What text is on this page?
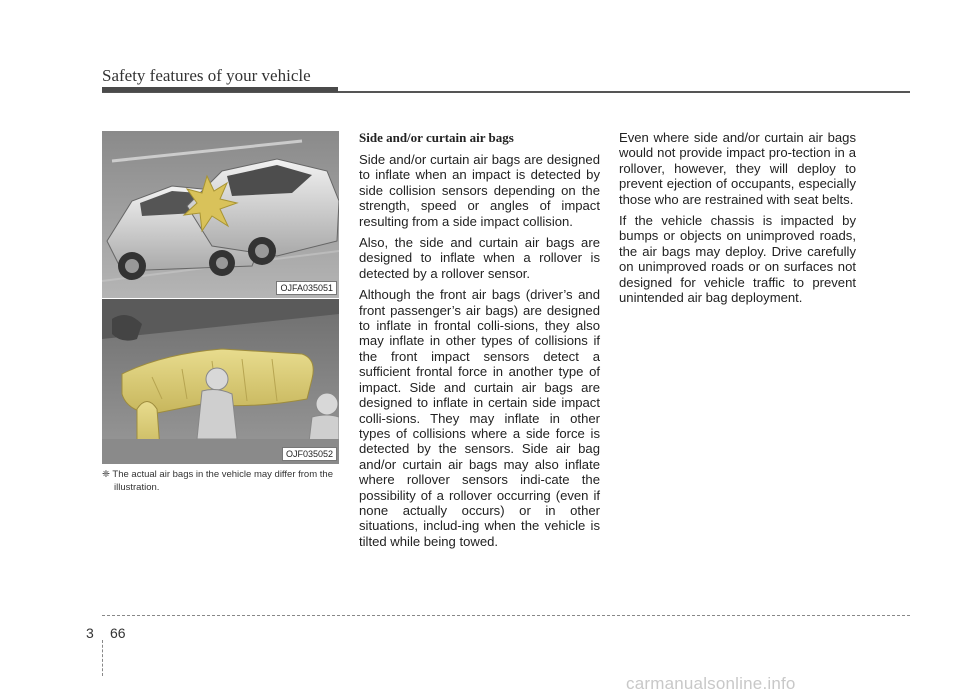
Safety features of your vehicle
OJFA035051
OJF035052
❈ The actual air bags in the vehicle may differ from the illustration.
Side and/or curtain air bags

Side and/or curtain air bags are designed to inflate when an impact is detected by side collision sensors depending on the strength, speed or angles of impact resulting from a side impact collision.

Also, the side and curtain air bags are designed to inflate when a rollover is detected by a rollover sensor.

Although the front air bags (driver’s and front passenger’s air bags) are designed to inflate in frontal colli-sions, they also may inflate in other types of collisions if the front impact sensors detect a sufficient frontal force in another type of impact. Side and curtain air bags are designed to inflate in certain side impact colli-sions. They may inflate in other types of collisions where a side force is detected by the sensors. Side air bag and/or curtain air bags may also inflate where rollover sensors indi-cate the possibility of a rollover occurring (even if none actually occurs) or in other situations, includ-ing when the vehicle is tilted while being towed.

Even where side and/or curtain air bags would not provide impact pro-tection in a rollover, however, they will deploy to prevent ejection of occupants, especially those who are restrained with seat belts.

If the vehicle chassis is impacted by bumps or objects on unimproved roads, the air bags may deploy. Drive carefully on unimproved roads or on surfaces not designed for vehicle traffic to prevent unintended air bag deployment.

3 66
carmanualsonline.info
